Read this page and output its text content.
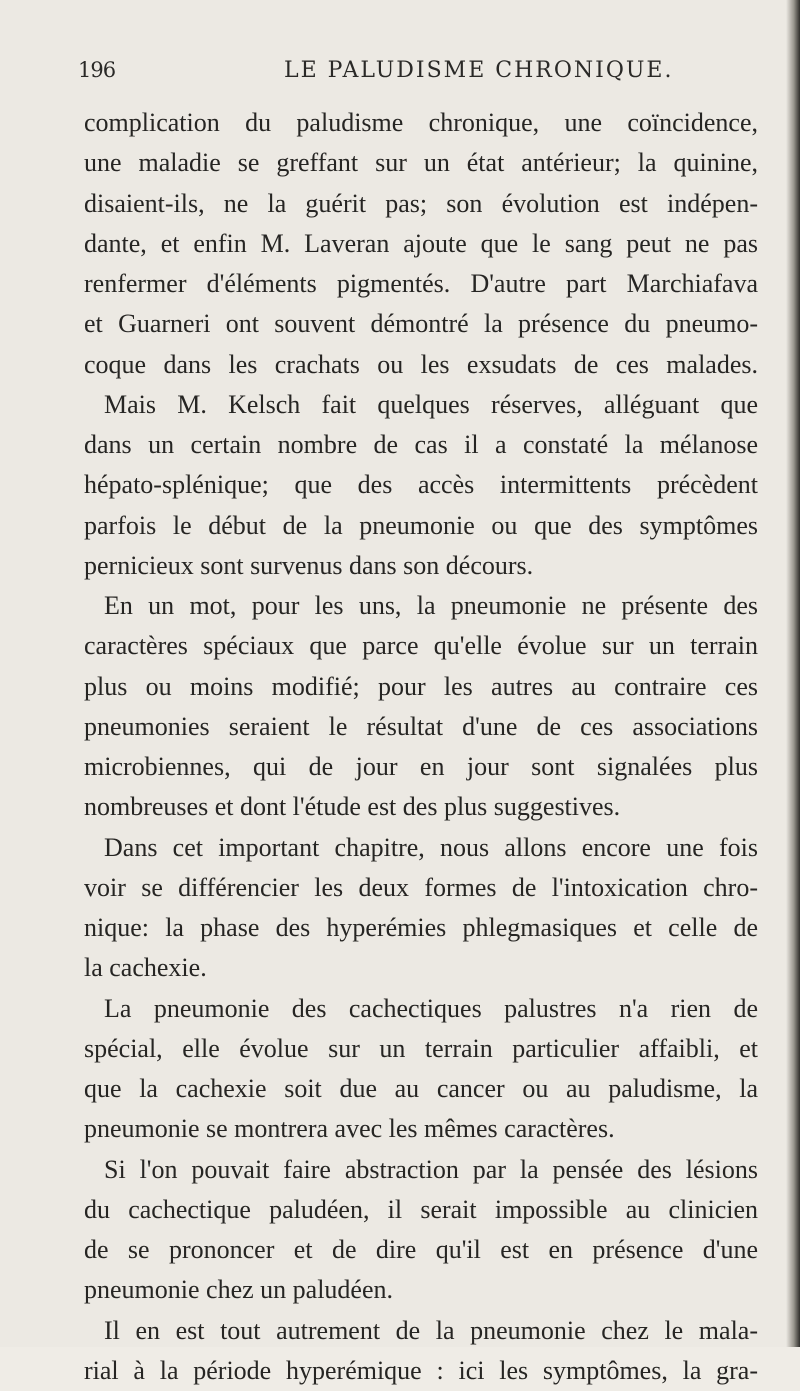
196	LE PALUDISME CHRONIQUE.
complication du paludisme chronique, une coïncidence,
une maladie se greffant sur un état antérieur; la quinine,
disaient-ils, ne la guérit pas; son évolution est indépen-
dante, et enfin M. Laveran ajoute que le sang peut ne pas
renfermer d'éléments pigmentés. D'autre part Marchiafava
et Guarneri ont souvent démontré la présence du pneumo-
coque dans les crachats ou les exsudats de ces malades.
Mais M. Kelsch fait quelques réserves, alléguant que
dans un certain nombre de cas il a constaté la mélanose
hépato-splénique; que des accès intermittents précèdent
parfois le début de la pneumonie ou que des symptômes
pernicieux sont survenus dans son décours.
En un mot, pour les uns, la pneumonie ne présente des
caractères spéciaux que parce qu'elle évolue sur un terrain
plus ou moins modifié; pour les autres au contraire ces
pneumonies seraient le résultat d'une de ces associations
microbiennes, qui de jour en jour sont signalées plus
nombreuses et dont l'étude est des plus suggestives.
Dans cet important chapitre, nous allons encore une fois
voir se différencier les deux formes de l'intoxication chro-
nique: la phase des hyperémies phlegmasiques et celle de
la cachexie.
La pneumonie des cachectiques palustres n'a rien de
spécial, elle évolue sur un terrain particulier affaibli, et
que la cachexie soit due au cancer ou au paludisme, la
pneumonie se montrera avec les mêmes caractères.
Si l'on pouvait faire abstraction par la pensée des lésions
du cachectique paludéen, il serait impossible au clinicien
de se prononcer et de dire qu'il est en présence d'une
pneumonie chez un paludéen.
Il en est tout autrement de la pneumonie chez le mala-
rial à la période hyperémique : ici les symptômes, la gra-
